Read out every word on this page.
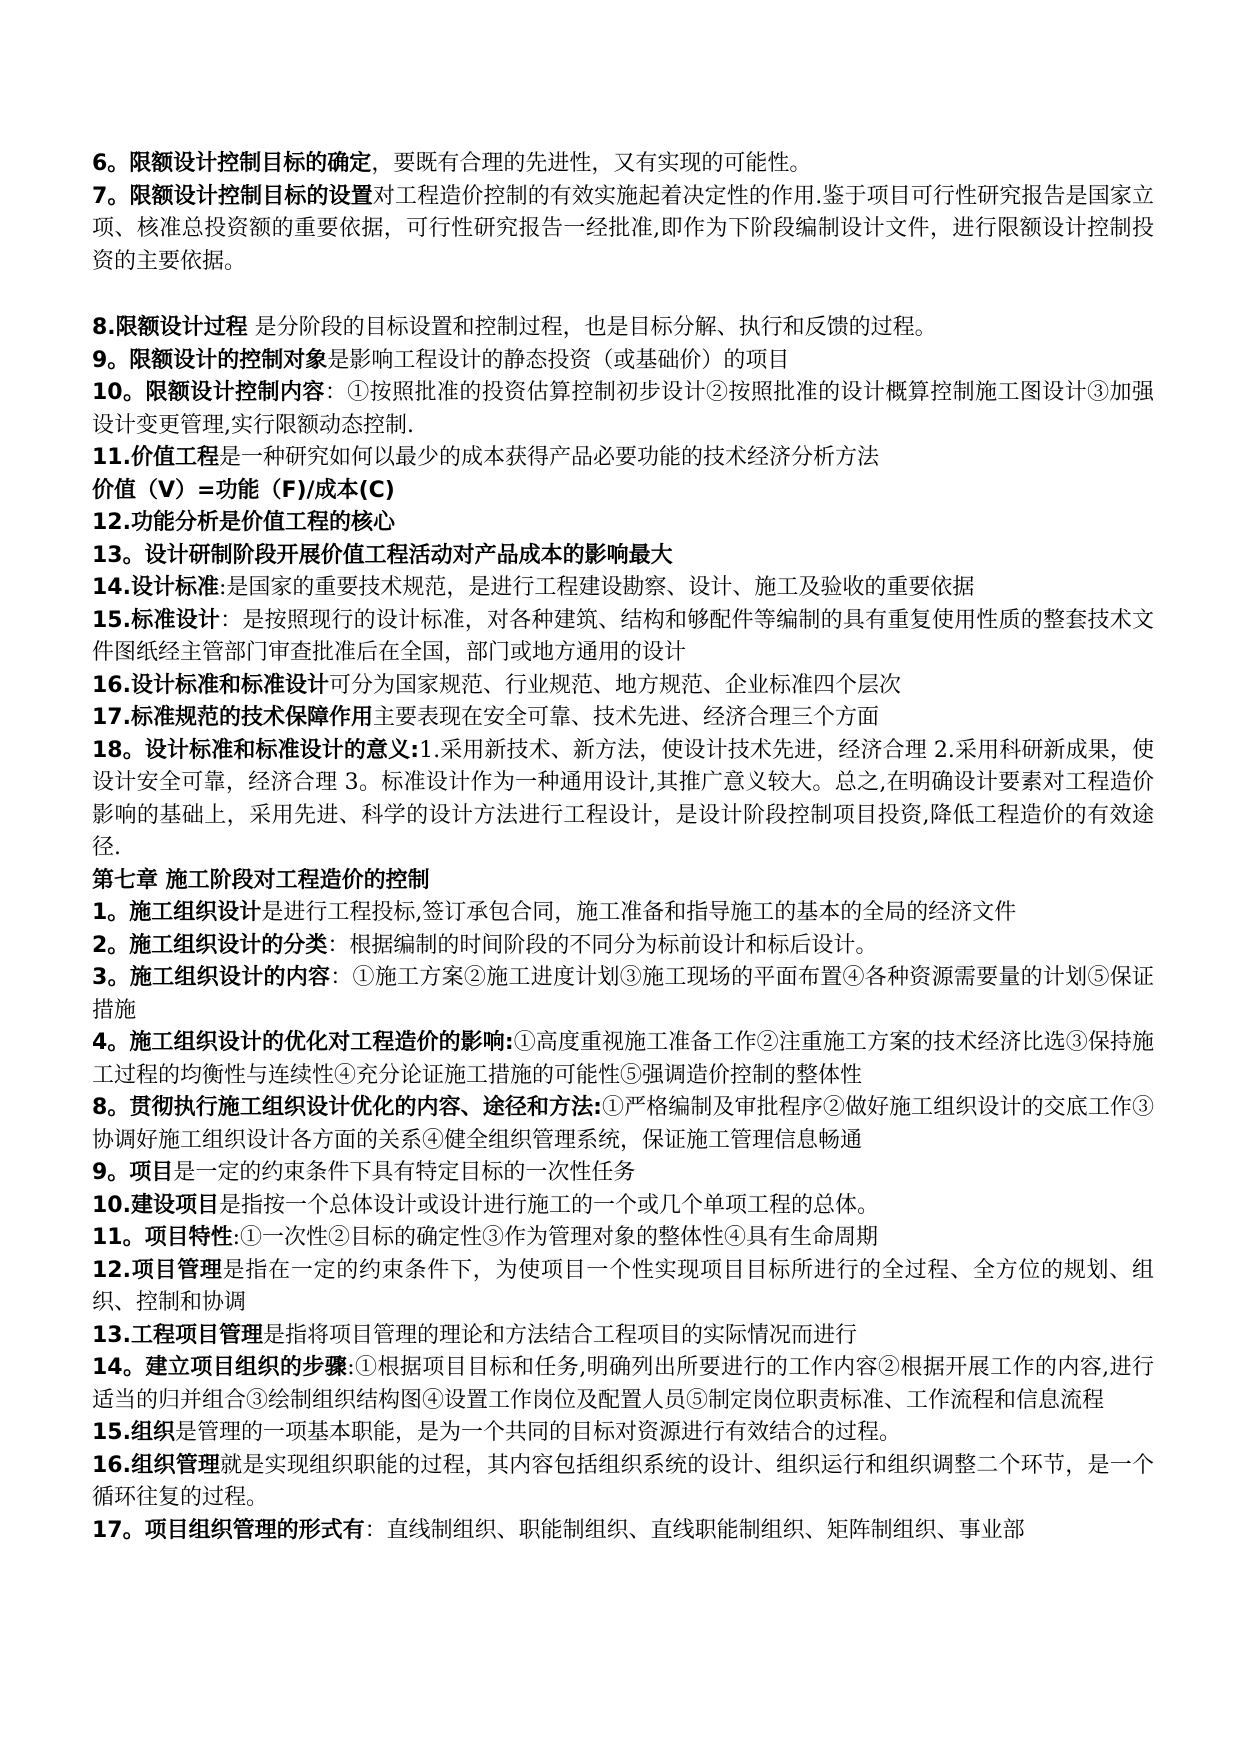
6。限额设计控制目标的确定，要既有合理的先进性，又有实现的可能性。

7。限额设计控制目标的设置对工程造价控制的有效实施起着决定性的作用.鉴于项目可行性研究报告是国家立项、核准总投资额的重要依据，可行性研究报告一经批准,即作为下阶段编制设计文件，进行限额设计控制投资的主要依据。

8.限额设计过程 是分阶段的目标设置和控制过程，也是目标分解、执行和反馈的过程。

9。限额设计的控制对象是影响工程设计的静态投资（或基础价）的项目

10。限额设计控制内容：①按照批准的投资估算控制初步设计②按照批准的设计概算控制施工图设计③加强设计变更管理,实行限额动态控制.

11.价值工程是一种研究如何以最少的成本获得产品必要功能的技术经济分析方法

价值（V）=功能（F)/成本(C)

12.功能分析是价值工程的核心

13。设计研制阶段开展价值工程活动对产品成本的影响最大

14.设计标准:是国家的重要技术规范，是进行工程建设勘察、设计、施工及验收的重要依据

15.标准设计：是按照现行的设计标准，对各种建筑、结构和够配件等编制的具有重复使用性质的整套技术文件图纸经主管部门审查批准后在全国，部门或地方通用的设计

16.设计标准和标准设计可分为国家规范、行业规范、地方规范、企业标准四个层次

17.标准规范的技术保障作用主要表现在安全可靠、技术先进、经济合理三个方面

18。设计标准和标准设计的意义:1.采用新技术、新方法，使设计技术先进，经济合理 2.采用科研新成果，使设计安全可靠，经济合理 3。标准设计作为一种通用设计,其推广意义较大。总之,在明确设计要素对工程造价影响的基础上，采用先进、科学的设计方法进行工程设计，是设计阶段控制项目投资,降低工程造价的有效途径.

第七章 施工阶段对工程造价的控制

1。施工组织设计是进行工程投标,签订承包合同，施工准备和指导施工的基本的全局的经济文件

2。施工组织设计的分类：根据编制的时间阶段的不同分为标前设计和标后设计。

3。施工组织设计的内容：①施工方案②施工进度计划③施工现场的平面布置④各种资源需要量的计划⑤保证措施

4。施工组织设计的优化对工程造价的影响:①高度重视施工准备工作②注重施工方案的技术经济比选③保持施工过程的均衡性与连续性④充分论证施工措施的可能性⑤强调造价控制的整体性

8。贯彻执行施工组织设计优化的内容、途径和方法:①严格编制及审批程序②做好施工组织设计的交底工作③协调好施工组织设计各方面的关系④健全组织管理系统，保证施工管理信息畅通

9。项目是一定的约束条件下具有特定目标的一次性任务

10.建设项目是指按一个总体设计或设计进行施工的一个或几个单项工程的总体。

11。项目特性:①一次性②目标的确定性③作为管理对象的整体性④具有生命周期

12.项目管理是指在一定的约束条件下，为使项目一个性实现项目目标所进行的全过程、全方位的规划、组织、控制和协调

13.工程项目管理是指将项目管理的理论和方法结合工程项目的实际情况而进行

14。建立项目组织的步骤:①根据项目目标和任务,明确列出所要进行的工作内容②根据开展工作的内容,进行适当的归并组合③绘制组织结构图④设置工作岗位及配置人员⑤制定岗位职责标准、工作流程和信息流程

15.组织是管理的一项基本职能，是为一个共同的目标对资源进行有效结合的过程。

16.组织管理就是实现组织职能的过程，其内容包括组织系统的设计、组织运行和组织调整二个环节，是一个循环往复的过程。

17。项目组织管理的形式有：直线制组织、职能制组织、直线职能制组织、矩阵制组织、事业部
